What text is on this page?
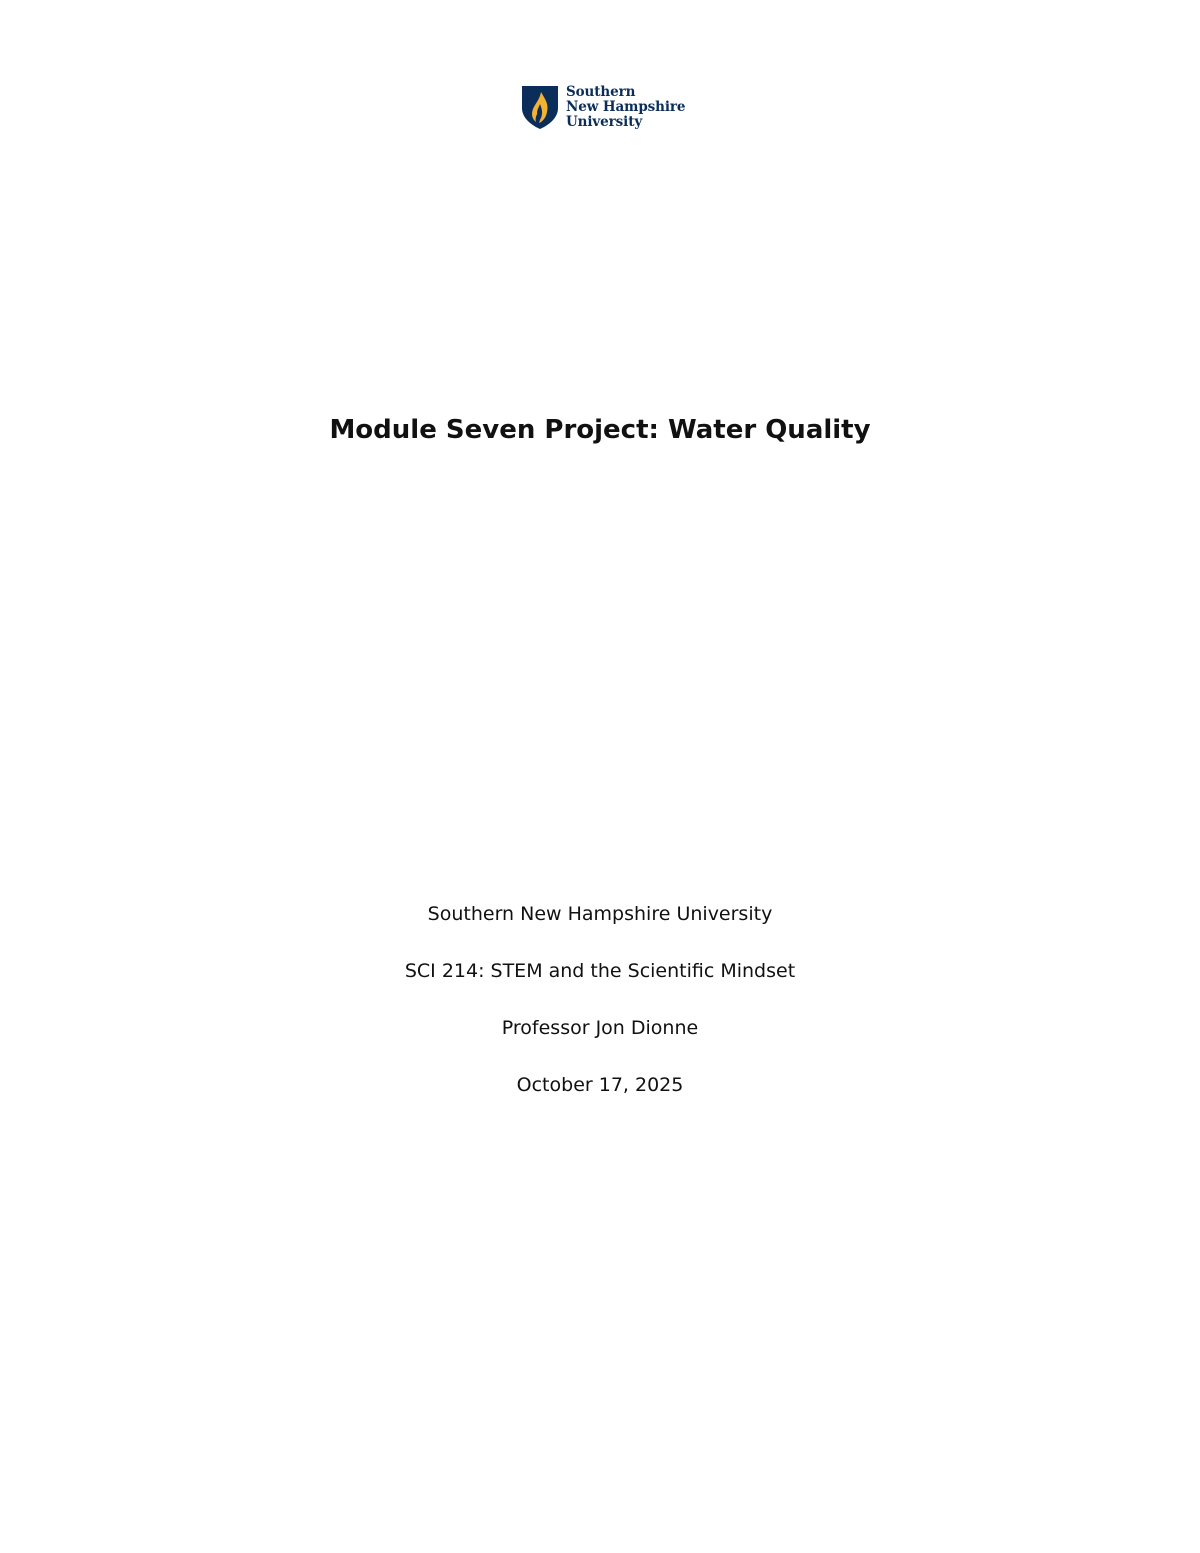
Southern
New Hampshire
University
Module Seven Project: Water Quality
Southern New Hampshire University
SCI 214: STEM and the Scientific Mindset
Professor Jon Dionne
October 17, 2025
